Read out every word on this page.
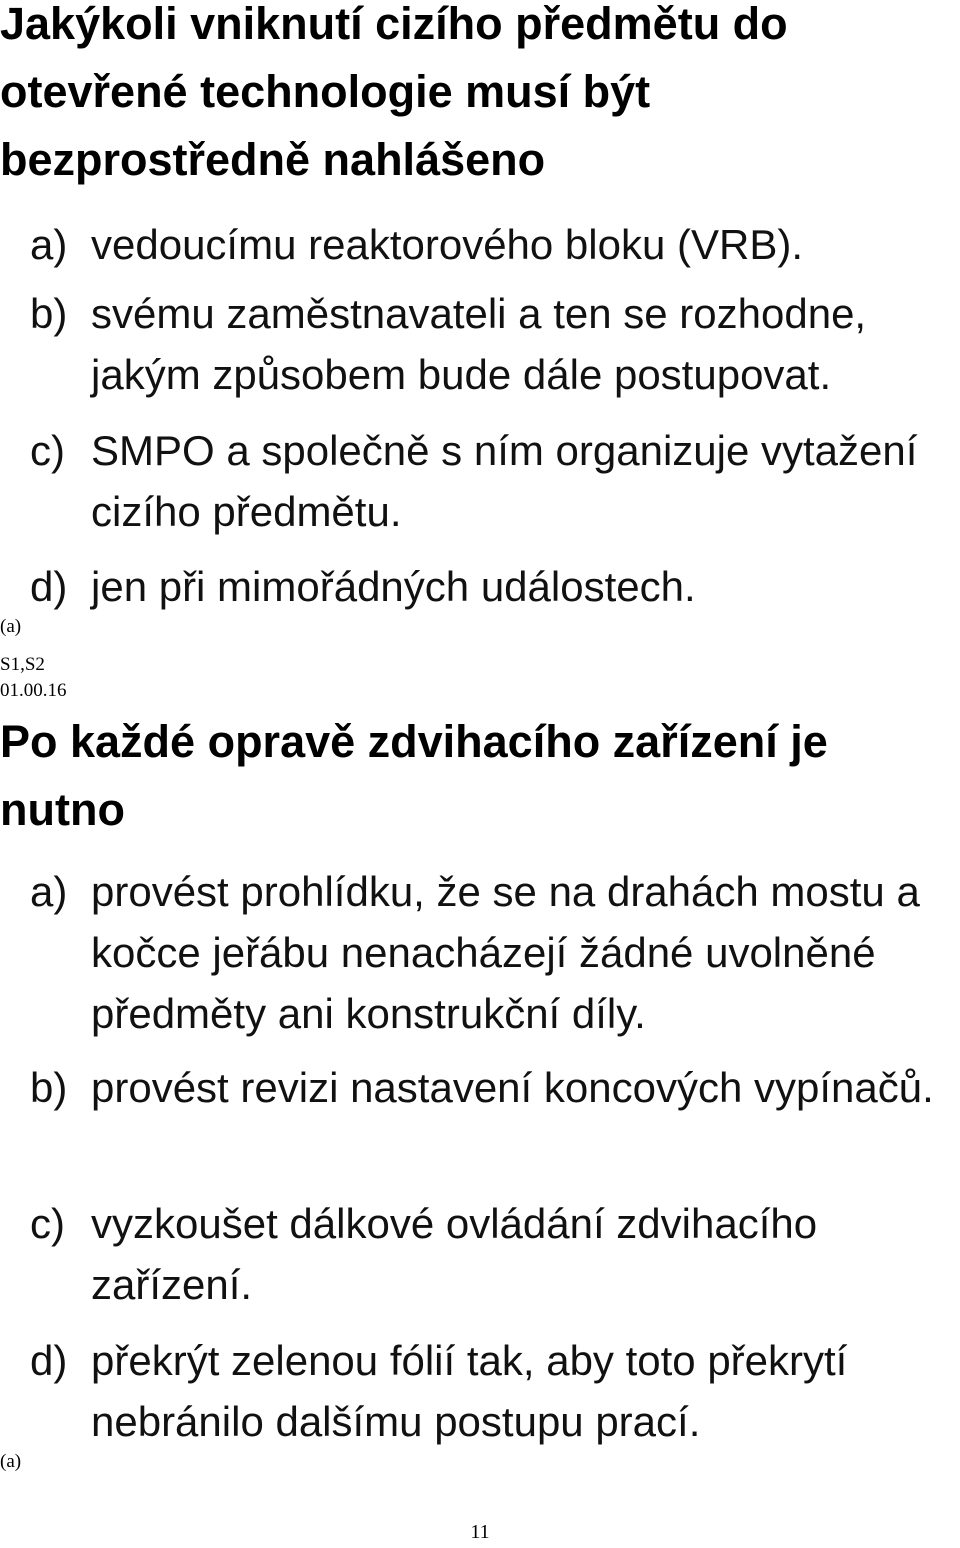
Jakýkoli vniknutí cizího předmětu do otevřené technologie musí být bezprostředně nahlášeno
a) vedoucímu reaktorového bloku (VRB).
b) svému zaměstnavateli a ten se rozhodne, jakým způsobem bude dále postupovat.
c) SMPO a společně s ním organizuje vytažení cizího předmětu.
d) jen při mimořádných událostech.
(a)
S1,S2
01.00.16
Po každé opravě zdvihacího zařízení je nutno
a) provést prohlídku, že se na drahách mostu a kočce jeřábu nenacházejí žádné uvolněné předměty ani konstrukční díly.
b) provést revizi nastavení koncových vypínačů.
c) vyzkoušet dálkové ovládání zdvihacího zařízení.
d) překrýt zelenou fólií tak, aby toto překrytí nebránilo dalšímu postupu prací.
(a)
11
